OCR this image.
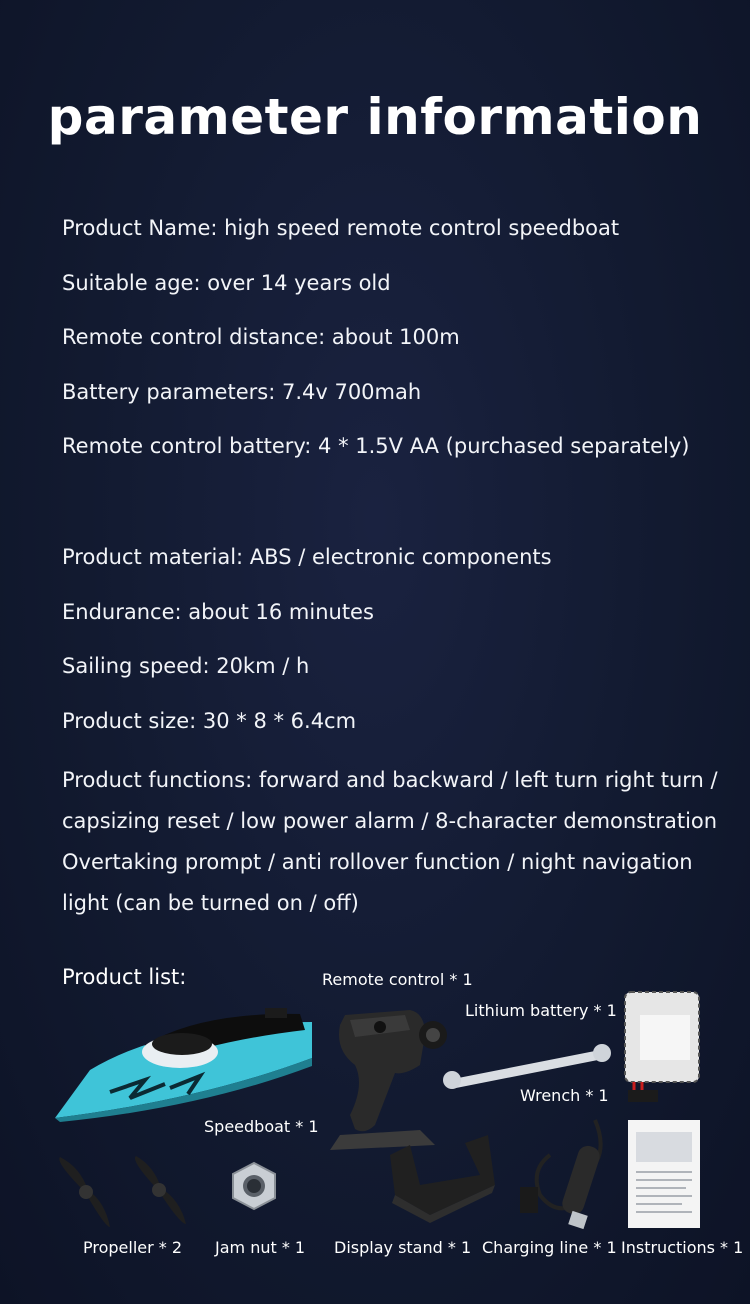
parameter information
Product Name: high speed remote control speedboat
Suitable age: over 14 years old
Remote control distance: about 100m
Battery parameters: 7.4v 700mah
Remote control battery: 4 * 1.5V AA (purchased separately)
Product material: ABS / electronic components
Endurance: about 16 minutes
Sailing speed: 20km / h
Product size: 30 * 8 * 6.4cm
Product functions: forward and backward / left turn right turn /
capsizing reset / low power alarm / 8-character demonstration
Overtaking prompt / anti rollover function / night navigation
light (can be turned on / off)
Product list:
Speedboat * 1
Remote control * 1
Lithium battery * 1
Wrench * 1
Propeller * 2 Jam nut * 1 Display stand * 1 Charging line * 1 Instructions * 1
